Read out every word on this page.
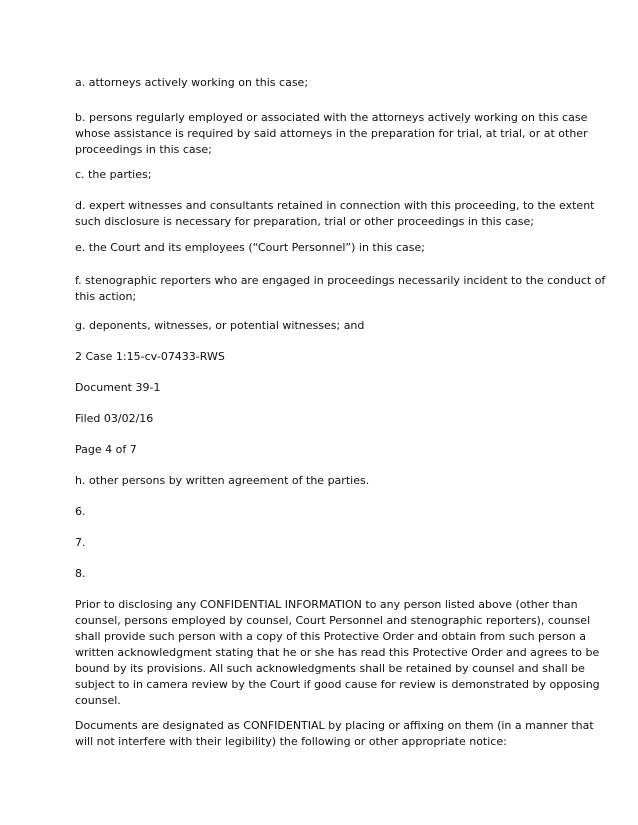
a. attorneys actively working on this case;

b. persons regularly employed or associated with the attorneys actively working on this case
whose assistance is required by said attorneys in the preparation for trial, at trial, or at other
proceedings in this case;

c. the parties;

d. expert witnesses and consultants retained in connection with this proceeding, to the extent
such disclosure is necessary for preparation, trial or other proceedings in this case;

e. the Court and its employees (“Court Personnel”) in this case;

f. stenographic reporters who are engaged in proceedings necessarily incident to the conduct of
this action;

g. deponents, witnesses, or potential witnesses; and

2 Case 1:15-cv-07433-RWS

Document 39-1

Filed 03/02/16

Page 4 of 7

h. other persons by written agreement of the parties.

6.

7.

8.

Prior to disclosing any CONFIDENTIAL INFORMATION to any person listed above (other than
counsel, persons employed by counsel, Court Personnel and stenographic reporters), counsel
shall provide such person with a copy of this Protective Order and obtain from such person a
written acknowledgment stating that he or she has read this Protective Order and agrees to be
bound by its provisions. All such acknowledgments shall be retained by counsel and shall be
subject to in camera review by the Court if good cause for review is demonstrated by opposing
counsel.

Documents are designated as CONFIDENTIAL by placing or affixing on them (in a manner that
will not interfere with their legibility) the following or other appropriate notice:
